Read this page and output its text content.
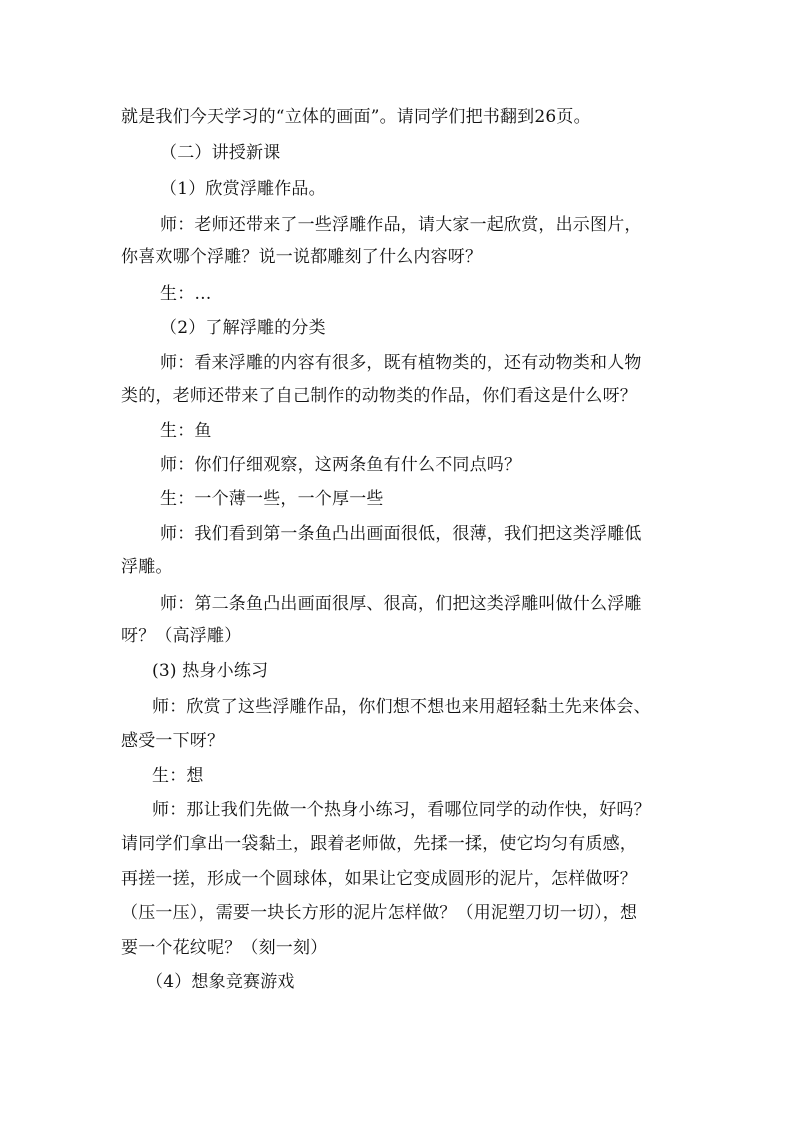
就是我们今天学习的“立体的画面”。请同学们把书翻到26页。
（二）讲授新课
（1）欣赏浮雕作品。
师：老师还带来了一些浮雕作品，请大家一起欣赏，出示图片，
你喜欢哪个浮雕？说一说都雕刻了什么内容呀？
生：…
（2）了解浮雕的分类
师：看来浮雕的内容有很多，既有植物类的，还有动物类和人物
类的，老师还带来了自己制作的动物类的作品，你们看这是什么呀？
生：鱼
师：你们仔细观察，这两条鱼有什么不同点吗？
生：一个薄一些，一个厚一些
师：我们看到第一条鱼凸出画面很低，很薄，我们把这类浮雕低
浮雕。
师：第二条鱼凸出画面很厚、很高，们把这类浮雕叫做什么浮雕
呀？（高浮雕）
(3) 热身小练习
师：欣赏了这些浮雕作品，你们想不想也来用超轻黏土先来体会、
感受一下呀？
生：想
师：那让我们先做一个热身小练习，看哪位同学的动作快，好吗？
请同学们拿出一袋黏土，跟着老师做，先揉一揉，使它均匀有质感，
再搓一搓，形成一个圆球体，如果让它变成圆形的泥片，怎样做呀？
（压一压），需要一块长方形的泥片怎样做？（用泥塑刀切一切），想
要一个花纹呢？（刻一刻）
（4）想象竞赛游戏
